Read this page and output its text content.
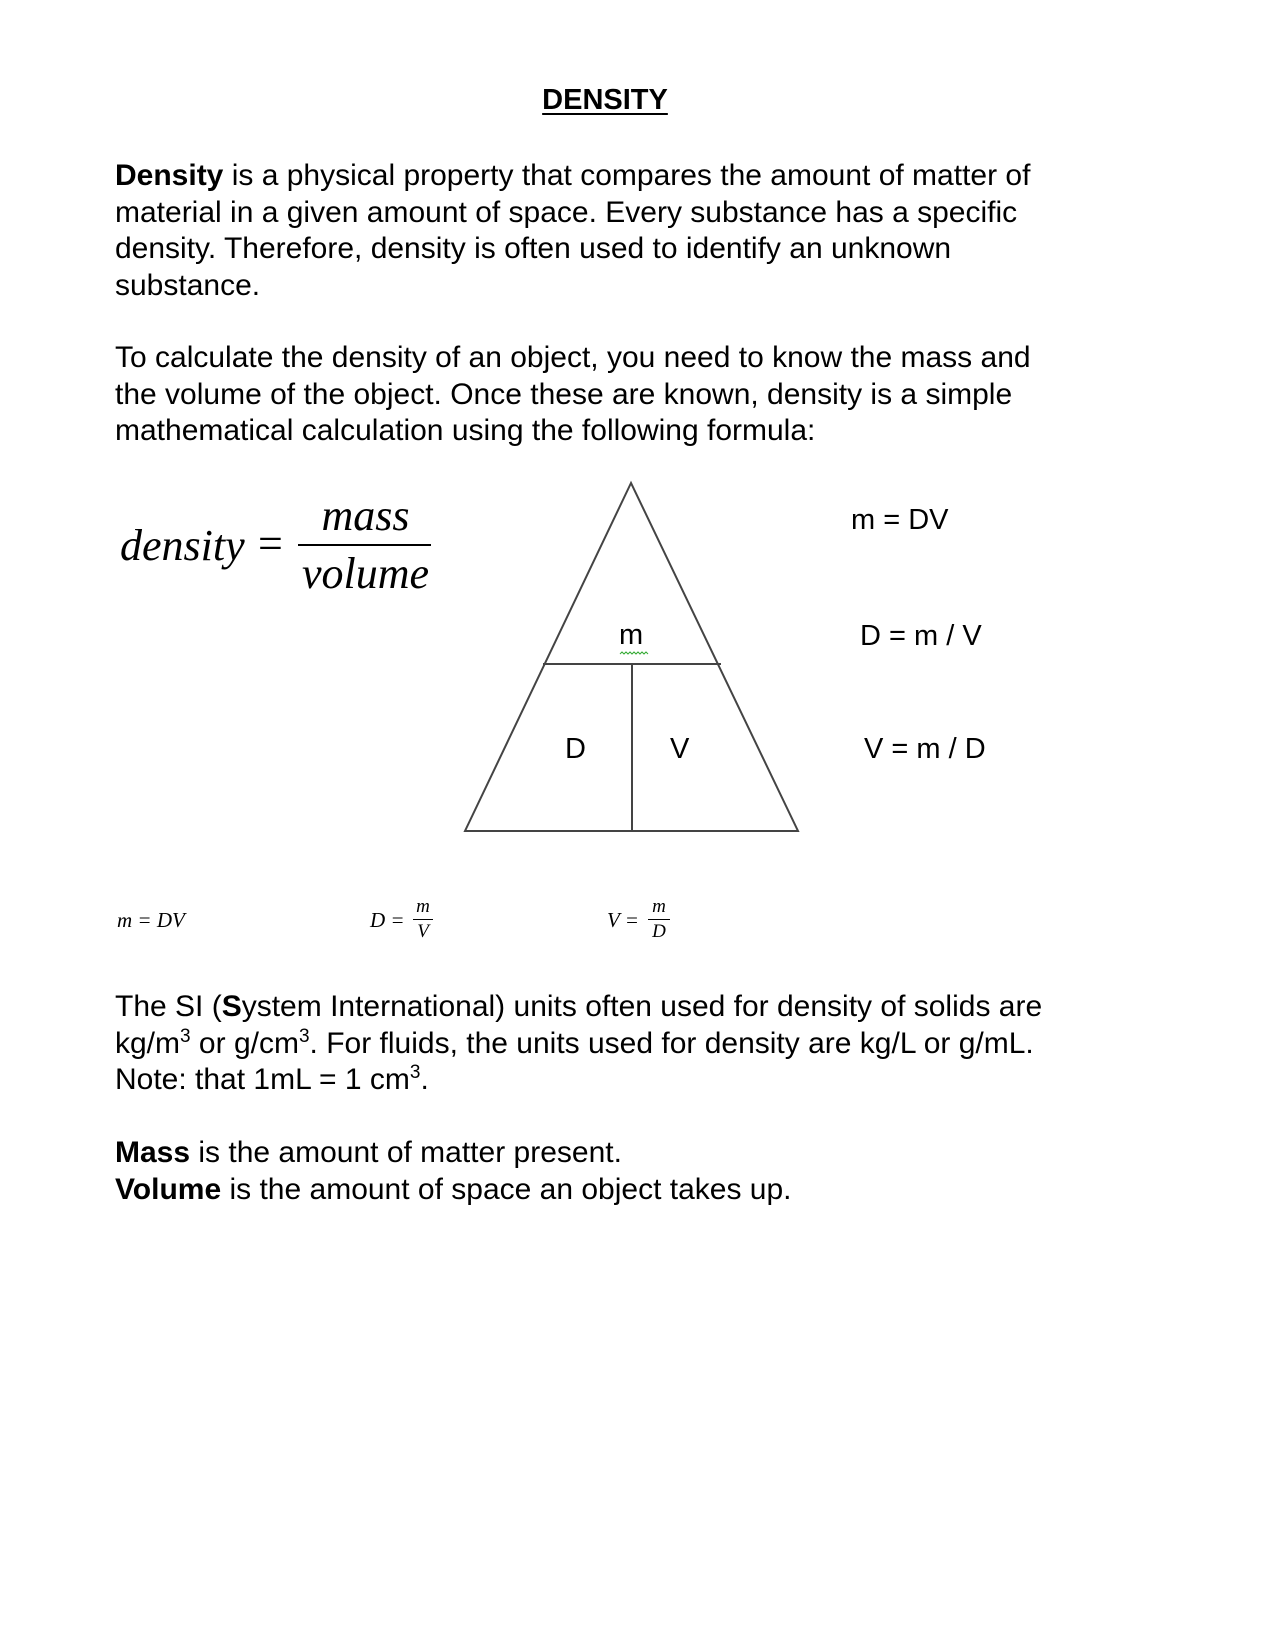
DENSITY

Density is a physical property that compares the amount of matter of

material in a given amount of space. Every substance has a specific

density. Therefore, density is often used to identify an unknown

substance.

To calculate the density of an object, you need to know the mass and

the volume of the object. Once these are known, density is a simple

mathematical calculation using the following formula:

density =
mass
volume
m
D	V
m = DV
D = m / V
V = m / D
m = DV	D =
m
V	V =
m
D

The SI (System International) units often used for density of solids are

$kg/m^3$ or $g/cm^3$. For fluids, the units used for density are kg/L or g/mL.

Note: that 1mL = 1 $cm^3$.

Mass is the amount of matter present.

Volume is the amount of space an object takes up.
